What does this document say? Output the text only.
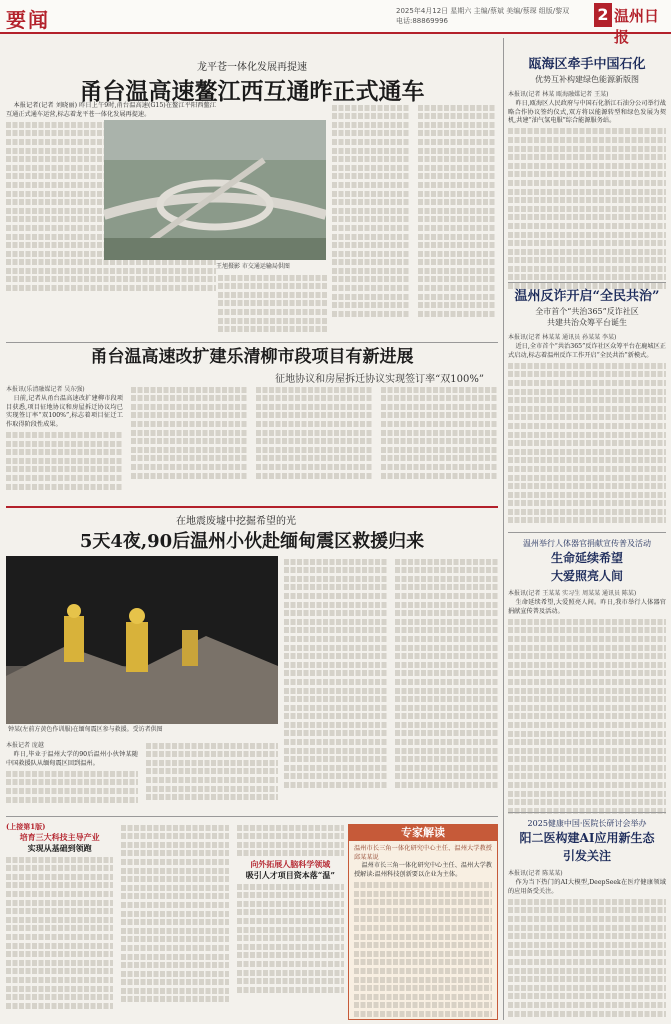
要闻	2025年4月12日 星期六 主编/蔡斌 美编/蔡琛 组版/黎双
电话:88869996	2 温州日报
龙平苍一体化发展再提速
甬台温高速鳌江西互通昨正式通车

本报记者(记者 刘晓丽) 昨日上午9时,甬台温高速(G15)在鳌江平阳西鳌江互通正式通车运营,标志着龙平苍一体化发展再提速。

王旭摄影 市交通运输局供图
甬台温高速改扩建乐清柳市段项目有新进展
征地协议和房屋拆迁协议实现签订率“双100%”
本报讯(乐清融媒记者 吴东强)

日前,记者从甬台温高速改扩建柳市段项目获悉,项目征地协议和房屋拆迁协议均已实现签订率“双100%”,标志着项目征迁工作取得阶段性成果。

在地震废墟中挖掘希望的光
5天4夜,90后温州小伙赴缅甸震区救援归来
钟某(左前方黄色作训服)在缅甸震区参与救援。受访者供图
本报记者 庞越

昨日,毕业于温州大学的90后温州小伙钟某随中国救援队从缅甸震区回到温州。

(上接第1版)
培育三大科技主导产业
实现从基础到领跑
向外拓展人脑科学领域
吸引人才项目资本落“温”
专家解读
温州市长三角一体化研究中心主任、温州大学教授邱某某说

温州市长三角一体化研究中心主任、温州大学教授解读:温州科技创新要以企业为主体。

瓯海区牵手中国石化
优势互补构建绿色能源新版图
本报讯(记者 林某 瓯海融媒记者 王某)

昨日,瓯海区人民政府与中国石化浙江石油分公司举行战略合作协议签约仪式,双方将以能源转型和绿色发展为契机,共建“油气氢电服”综合能源服务站。

温州反诈开启“全民共治”
全市首个“共治365”反诈社区
共建共治众筹平台诞生
本报讯(记者 林某某 通讯员 孙某某 李某)

近日,全市首个“共治365”反诈社区众筹平台在鹿城区正式启动,标志着温州反诈工作开启“全民共治”新模式。

温州举行人体器官捐献宣传普及活动
生命延续希望
大爱照亮人间
本报讯(记者 王某某 实习生 周某某 通讯员 陈某)

生命延续希望,大爱照亮人间。昨日,我市举行人体器官捐献宣传普及活动。

2025健康中国·医院长研讨会举办
阳二医构建AI应用新生态
引发关注
本报讯(记者 陈某某)

作为当下热门的AI大模型,DeepSeek在医疗健康领域的应用备受关注。
